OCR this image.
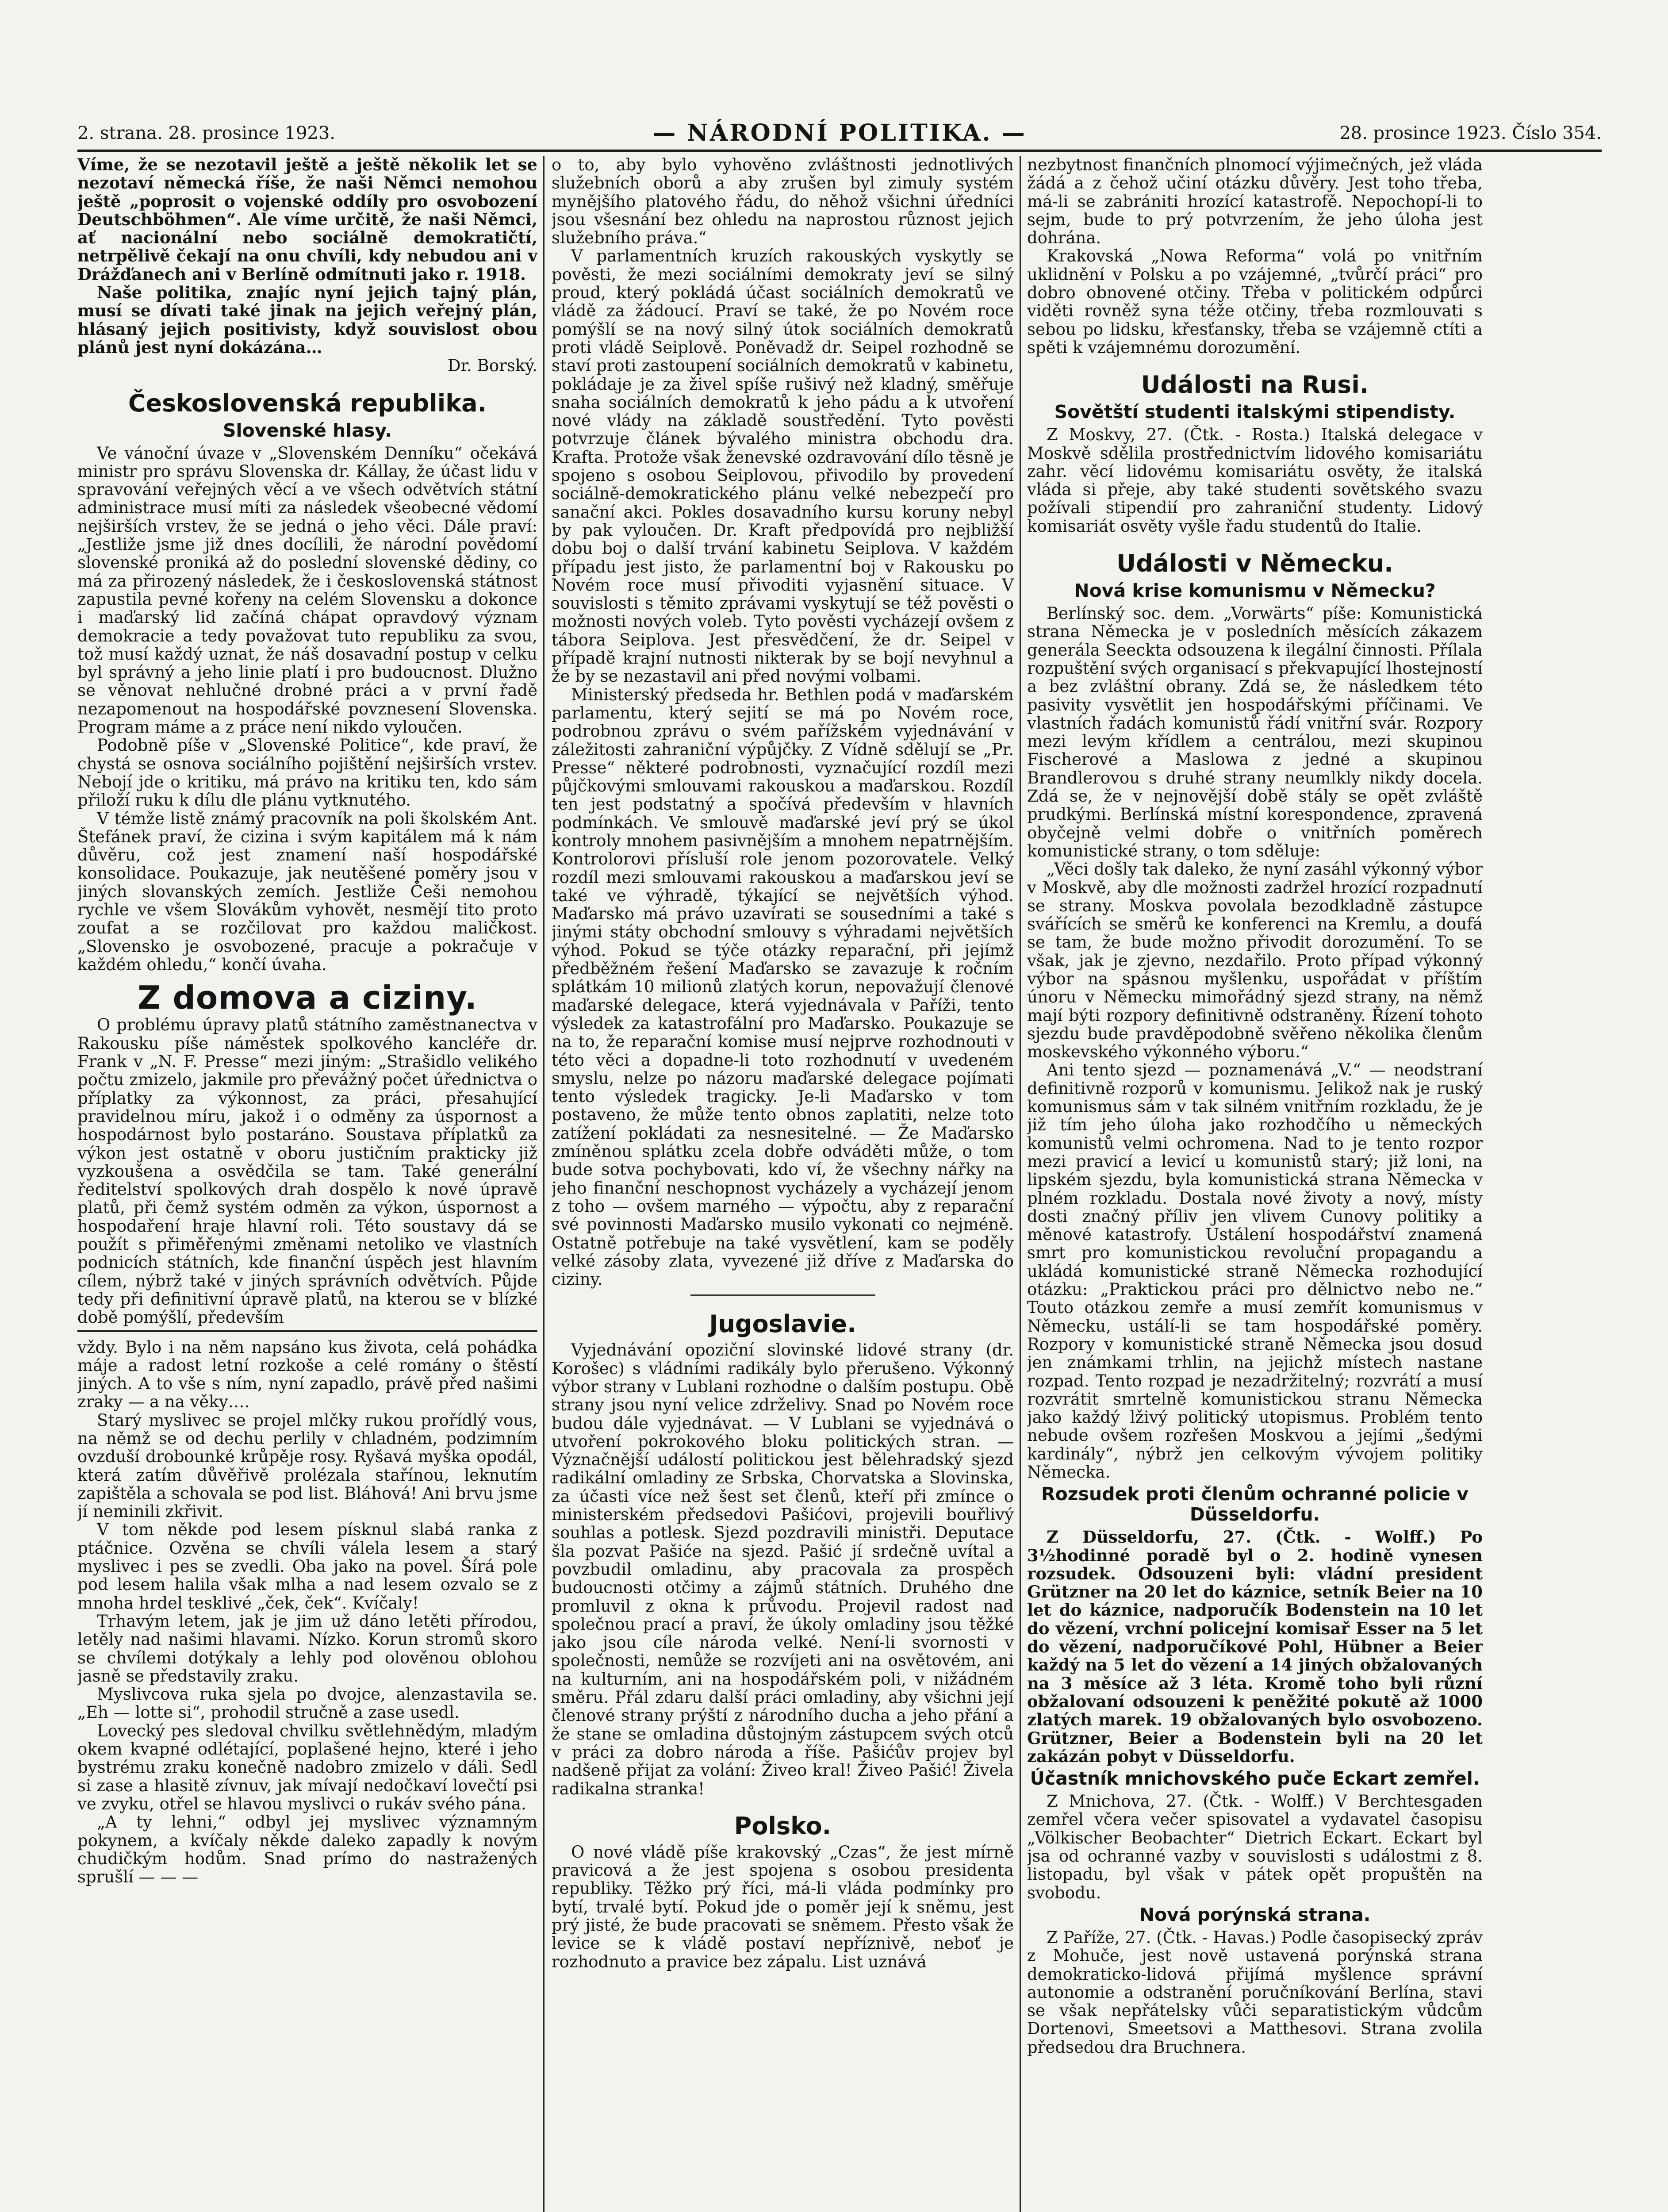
2. strana. 28. prosince 1923.	— NÁRODNÍ POLITIKA. —	28. prosince 1923. Číslo 354.

Víme, že se nezotavil ještě a ještě několik let se nezotaví německá říše, že naši Němci nemohou ještě „poprosit o vojenské oddíly pro osvobození Deutschböhmen“. Ale víme určitě, že naši Němci, ať nacionální nebo sociálně demokratičtí, netrpělivě čekají na onu chvíli, kdy nebudou ani v Drážďanech ani v Berlíně odmítnuti jako r. 1918.

Naše politika, znajíc nyní jejich tajný plán, musí se dívati také jinak na jejich veřejný plán, hlásaný jejich positivisty, když souvislost obou plánů jest nyní dokázána…

Dr. Borský.

Československá republika.
Slovenské hlasy.

Ve vánoční úvaze v „Slovenském Denníku“ očekává ministr pro správu Slovenska dr. Kállay, že účast lidu v spravování veřejných věcí a ve všech odvětvích státní administrace musí míti za následek všeobecné vědomí nejširších vrstev, že se jedná o jeho věci. Dále praví: „Jestliže jsme již dnes docílili, že národní povědomí slovenské proniká až do poslední slovenské dědiny, co má za přirozený následek, že i československá státnost zapustila pevné kořeny na celém Slovensku a dokonce i maďarský lid začíná chápat opravdový význam demokracie a tedy považovat tuto republiku za svou, tož musí každý uznat, že náš dosavadní postup v celku byl správný a jeho linie platí i pro budoucnost. Dlužno se věnovat nehlučné drobné práci a v první řadě nezapomenout na hospodářské povznesení Slovenska. Program máme a z práce není nikdo vyloučen.

Podobně píše v „Slovenské Politice“, kde praví, že chystá se osnova sociálního pojištění nejširších vrstev. Nebojí jde o kritiku, má právo na kritiku ten, kdo sám přiloží ruku k dílu dle plánu vytknutého.

V témže listě známý pracovník na poli školském Ant. Štefánek praví, že cizina i svým kapitálem má k nám důvěru, což jest znamení naší hospodářské konsolidace. Poukazuje, jak neutěšené poměry jsou v jiných slovanských zemích. Jestliže Češi nemohou rychle ve všem Slovákům vyhovět, nesmějí tito proto zoufat a se rozčilovat pro každou maličkost. „Slovensko je osvobozené, pracuje a pokračuje v každém ohledu,“ končí úvaha.

Z domova a ciziny.

O problému úpravy platů státního zaměstnanectva v Rakousku píše náměstek spolkového kancléře dr. Frank v „N. F. Presse“ mezi jiným: „Strašidlo velikého počtu zmizelo, jakmile pro převážný počet úřednictva o příplatky za výkonnost, za práci, přesahující pravidelnou míru, jakož i o odměny za úspornost a hospodárnost bylo postaráno. Soustava příplatků za výkon jest ostatně v oboru justičním prakticky již vyzkoušena a osvědčila se tam. Také generální ředitelství spolkových drah dospělo k nové úpravě platů, při čemž systém odměn za výkon, úspornost a hospodaření hraje hlavní roli. Této soustavy dá se použít s přiměřenými změnami netoliko ve vlastních podnicích státních, kde finanční úspěch jest hlavním cílem, nýbrž také v jiných správních odvětvích. Půjde tedy při definitivní úpravě platů, na kterou se v blízké době pomýšlí, především

vždy. Bylo i na něm napsáno kus života, celá pohádka máje a radost letní rozkoše a celé romány o štěstí jiných. A to vše s ním, nyní zapadlo, právě před našimi zraky — a na věky….

Starý myslivec se projel mlčky rukou prořídlý vous, na němž se od dechu perlily v chladném, podzimním ovzduší drobounké krůpěje rosy. Ryšavá myška opodál, která zatím důvěřivě prolézala stařínou, leknutím zapištěla a schovala se pod list. Bláhová! Ani brvu jsme jí neminili zkřivit.

V tom někde pod lesem písknul slabá ranka z ptáčnice. Ozvěna se chvíli válela lesem a starý myslivec i pes se zvedli. Oba jako na povel. Šírá pole pod lesem halila však mlha a nad lesem ozvalo se z mnoha hrdel tesklivé „ček, ček“. Kvíčaly!

Trhavým letem, jak je jim už dáno letěti přírodou, letěly nad našimi hlavami. Nízko. Korun stromů skoro se chvílemi dotýkaly a lehly pod olověnou oblohou jasně se představily zraku.

Myslivcova ruka sjela po dvojce, alenzastavila se. „Eh — lotte si“, prohodil stručně a zase usedl.

Lovecký pes sledoval chvilku světlehnědým, mladým okem kvapné odlétající, poplašené hejno, které i jeho bystrému zraku konečně nadobro zmizelo v dáli. Sedl si zase a hlasitě zívnuv, jak mívají nedočkaví lovečtí psi ve zvyku, otřel se hlavou myslivci o rukáv svého pána.

„A ty lehni,“ odbyl jej myslivec významným pokynem, a kvíčaly někde daleko zapadly k novým chudičkým hodům. Snad prímo do nastražených sprušlí — — —

o to, aby bylo vyhověno zvláštnosti jednotlivých služebních oborů a aby zrušen byl zimuly systém mynějšího platového řádu, do něhož všichni úředníci jsou všesnání bez ohledu na naprostou různost jejich služebního práva.“

V parlamentních kruzích rakouských vyskytly se pověsti, že mezi sociálními demokraty jeví se silný proud, který pokládá účast sociálních demokratů ve vládě za žádoucí. Praví se také, že po Novém roce pomýšlí se na nový silný útok sociálních demokratů proti vládě Seiplově. Poněvadž dr. Seipel rozhodně se staví proti zastoupení sociálních demokratů v kabinetu, pokládaje je za živel spíše rušivý než kladný, směřuje snaha sociálních demokratů k jeho pádu a k utvoření nové vlády na základě soustředění. Tyto pověsti potvrzuje článek bývalého ministra obchodu dra. Krafta. Protože však ženevské ozdravování dílo těsně je spojeno s osobou Seiplovou, přivodilo by provedení sociálně-demokratického plánu velké nebezpečí pro sanační akci. Pokles dosavadního kursu koruny nebyl by pak vyloučen. Dr. Kraft předpovídá pro nejbližší dobu boj o další trvání kabinetu Seiplova. V každém případu jest jisto, že parlamentní boj v Rakousku po Novém roce musí přivoditi vyjasnění situace. V souvislosti s těmito zprávami vyskytují se též pověsti o možnosti nových voleb. Tyto pověsti vycházejí ovšem z tábora Seiplova. Jest přesvědčení, že dr. Seipel v případě krajní nutnosti nikterak by se bojí nevyhnul a že by se nezastavil ani před novými volbami.

Ministerský předseda hr. Bethlen podá v maďarském parlamentu, který sejití se má po Novém roce, podrobnou zprávu o svém pařížském vyjednávání v záležitosti zahraniční výpůjčky. Z Vídně sdělují se „Pr. Presse“ některé podrobnosti, vyznačující rozdíl mezi půjčkovými smlouvami rakouskou a maďarskou. Rozdíl ten jest podstatný a spočívá především v hlavních podmínkách. Ve smlouvě maďarské jeví prý se úkol kontroly mnohem pasivnějším a mnohem nepatrnějším. Kontrolorovi přísluší role jenom pozorovatele. Velký rozdíl mezi smlouvami rakouskou a maďarskou jeví se také ve výhradě, týkající se největších výhod. Maďarsko má právo uzavírati se sousedními a také s jinými státy obchodní smlouvy s výhradami největších výhod. Pokud se týče otázky reparační, při jejímž předběžném řešení Maďarsko se zavazuje k ročním splátkám 10 milionů zlatých korun, nepovažují členové maďarské delegace, která vyjednávala v Paříži, tento výsledek za katastrofální pro Maďarsko. Poukazuje se na to, že reparační komise musí nejprve rozhodnouti v této věci a dopadne-li toto rozhodnutí v uvedeném smyslu, nelze po názoru maďarské delegace pojímati tento výsledek tragicky. Je-li Maďarsko v tom postaveno, že může tento obnos zaplatiti, nelze toto zatížení pokládati za nesnesitelné. — Že Maďarsko zmíněnou splátku zcela dobře odváděti může, o tom bude sotva pochybovati, kdo ví, že všechny nářky na jeho finanční neschopnost vycházely a vycházejí jenom z toho — ovšem marného — výpočtu, aby z reparační své povinnosti Maďarsko musilo vykonati co nejméně. Ostatně potřebuje na také vysvětlení, kam se poděly velké zásoby zlata, vyvezené již dříve z Maďarska do ciziny.

Jugoslavie.

Vyjednávání opoziční slovinské lidové strany (dr. Korošec) s vládními radikály bylo přerušeno. Výkonný výbor strany v Lublani rozhodne o dalším postupu. Obě strany jsou nyní velice zdrželivy. Snad po Novém roce budou dále vyjednávat. — V Lublani se vyjednává o utvoření pokrokového bloku politických stran. — Význačnější událostí politickou jest bělehradský sjezd radikální omladiny ze Srbska, Chorvatska a Slovinska, za účasti více než šest set členů, kteří při zmínce o ministerském předsedovi Pašićovi, projevili bouřlivý souhlas a potlesk. Sjezd pozdravili ministři. Deputace šla pozvat Pašiće na sjezd. Pašić jí srdečně uvítal a povzbudil omladinu, aby pracovala za prospěch budoucnosti otčimy a zájmů státních. Druhého dne promluvil z okna k průvodu. Projevil radost nad společnou prací a praví, že úkoly omladiny jsou těžké jako jsou cíle národa velké. Není-li svornosti v společnosti, nemůže se rozvíjeti ani na osvětovém, ani na kulturním, ani na hospodářském poli, v nižádném směru. Přál zdaru další práci omladiny, aby všichni její členové strany prýští z národního ducha a jeho přání a že stane se omladina důstojným zástupcem svých otců v práci za dobro národa a říše. Pašićův projev byl nadšeně přijat za volání: Živeo kral! Živeo Pašić! Živela radikalna stranka!

Polsko.

O nové vládě píše krakovský „Czas“, že jest mírně pravicová a že jest spojena s osobou presidenta republiky. Těžko prý říci, má-li vláda podmínky pro bytí, trvalé bytí. Pokud jde o poměr její k sněmu, jest prý jisté, že bude pracovati se sněmem. Přesto však že levice se k vládě postaví nepříznivě, neboť je rozhodnuto a pravice bez zápalu. List uznává

nezbytnost finančních plnomocí výjimečných, jež vláda žádá a z čehož učiní otázku důvěry. Jest toho třeba, má-li se zabrániti hrozící katastrofě. Nepochopí-li to sejm, bude to prý potvrzením, že jeho úloha jest dohrána.

Krakovská „Nowa Reforma“ volá po vnitřním uklidnění v Polsku a po vzájemné, „tvůrčí práci“ pro dobro obnovené otčiny. Třeba v politickém odpůrci viděti rovněž syna téže otčiny, třeba rozmlouvati s sebou po lidsku, křesťansky, třeba se vzájemně ctíti a spěti k vzájemnému dorozumění.

Události na Rusi.
Sovětští studenti italskými stipendisty.

Z Moskvy, 27. (Čtk. - Rosta.) Italská delegace v Moskvě sdělila prostřednictvím lidového komisariátu zahr. věcí lidovému komisariátu osvěty, že italská vláda si přeje, aby také studenti sovětského svazu požívali stipendií pro zahraniční studenty. Lidový komisariát osvěty vyšle řadu studentů do Italie.

Události v Německu.
Nová krise komunismu v Německu?

Berlínský soc. dem. „Vorwärts“ píše: Komunistická strana Německa je v posledních měsících zákazem generála Seeckta odsouzena k ilegální činnosti. Přílala rozpuštění svých organisací s překvapující lhostejností a bez zvláštní obrany. Zdá se, že následkem této pasivity vysvětlit jen hospodářskými příčinami. Ve vlastních řadách komunistů řádí vnitřní svár. Rozpory mezi levým křídlem a centrálou, mezi skupinou Fischerové a Maslowa z jedné a skupinou Brandlerovou s druhé strany neumlkly nikdy docela. Zdá se, že v nejnovější době stály se opět zvláště prudkými. Berlínská místní korespondence, zpravená obyčejně velmi dobře o vnitřních poměrech komunistické strany, o tom sděluje:

„Věci došly tak daleko, že nyní zasáhl výkonný výbor v Moskvě, aby dle možnosti zadržel hrozící rozpadnutí se strany. Moskva povolala bezodkladně zástupce svářících se směrů ke konferenci na Kremlu, a doufá se tam, že bude možno přivodit dorozumění. To se však, jak je zjevno, nezdařilo. Proto případ výkonný výbor na spásnou myšlenku, uspořádat v příštím únoru v Německu mimořádný sjezd strany, na němž mají býti rozpory definitivně odstraněny. Řízení tohoto sjezdu bude pravděpodobně svěřeno několika členům moskevského výkonného výboru.“

Ani tento sjezd — poznamenává „V.“ — neodstraní definitivně rozporů v komunismu. Jelikož nak je ruský komunismus sám v tak silném vnitřním rozkladu, že je již tím jeho úloha jako rozhodčího u německých komunistů velmi ochromena. Nad to je tento rozpor mezi pravicí a levicí u komunistů starý; již loni, na lipském sjezdu, byla komunistická strana Německa v plném rozkladu. Dostala nové životy a nový, místy dosti značný příliv jen vlivem Cunovy politiky a měnové katastrofy. Ustálení hospodářství znamená smrt pro komunistickou revoluční propagandu a ukládá komunistické straně Německa rozhodující otázku: „Praktickou práci pro dělnictvo nebo ne.“ Touto otázkou zemře a musí zemřít komunismus v Německu, ustálí-li se tam hospodářské poměry. Rozpory v komunistické straně Německa jsou dosud jen známkami trhlin, na jejichž místech nastane rozpad. Tento rozpad je nezadržitelný; rozvrátí a musí rozvrátit smrtelně komunistickou stranu Německa jako každý lživý politický utopismus. Problém tento nebude ovšem rozřešen Moskvou a jejími „šedými kardinály“, nýbrž jen celkovým vývojem politiky Německa.

Rozsudek proti členům ochranné policie v Düsseldorfu.

Z Düsseldorfu, 27. (Čtk. - Wolff.) Po 3½hodinné poradě byl o 2. hodině vynesen rozsudek. Odsouzeni byli: vládní president Grützner na 20 let do káznice, setník Beier na 10 let do káznice, nadporučík Bodenstein na 10 let do vězení, vrchní policejní komisař Esser na 5 let do vězení, nadporučíkové Pohl, Hübner a Beier každý na 5 let do vězení a 14 jiných obžalovaných na 3 měsíce až 3 léta. Kromě toho byli různí obžalovaní odsouzeni k peněžité pokutě až 1000 zlatých marek. 19 obžalovaných bylo osvobozeno. Grützner, Beier a Bodenstein byli na 20 let zakázán pobyt v Düsseldorfu.

Účastník mnichovského puče Eckart zemřel.

Z Mnichova, 27. (Čtk. - Wolff.) V Berchtesgaden zemřel včera večer spisovatel a vydavatel časopisu „Völkischer Beobachter“ Dietrich Eckart. Eckart byl jsa od ochranné vazby v souvislosti s událostmi z 8. listopadu, byl však v pátek opět propuštěn na svobodu.

Nová porýnská strana.

Z Paříže, 27. (Čtk. - Havas.) Podle časopisecký zpráv z Mohuče, jest nově ustavená porýnská strana demokraticko-lidová přijímá myšlence správní autonomie a odstranění poručníkování Berlína, stavi se však nepřátelsky vůči separatistickým vůdcům Dortenovi, Smeetsovi a Matthesovi. Strana zvolila předsedou dra Bruchnera.
